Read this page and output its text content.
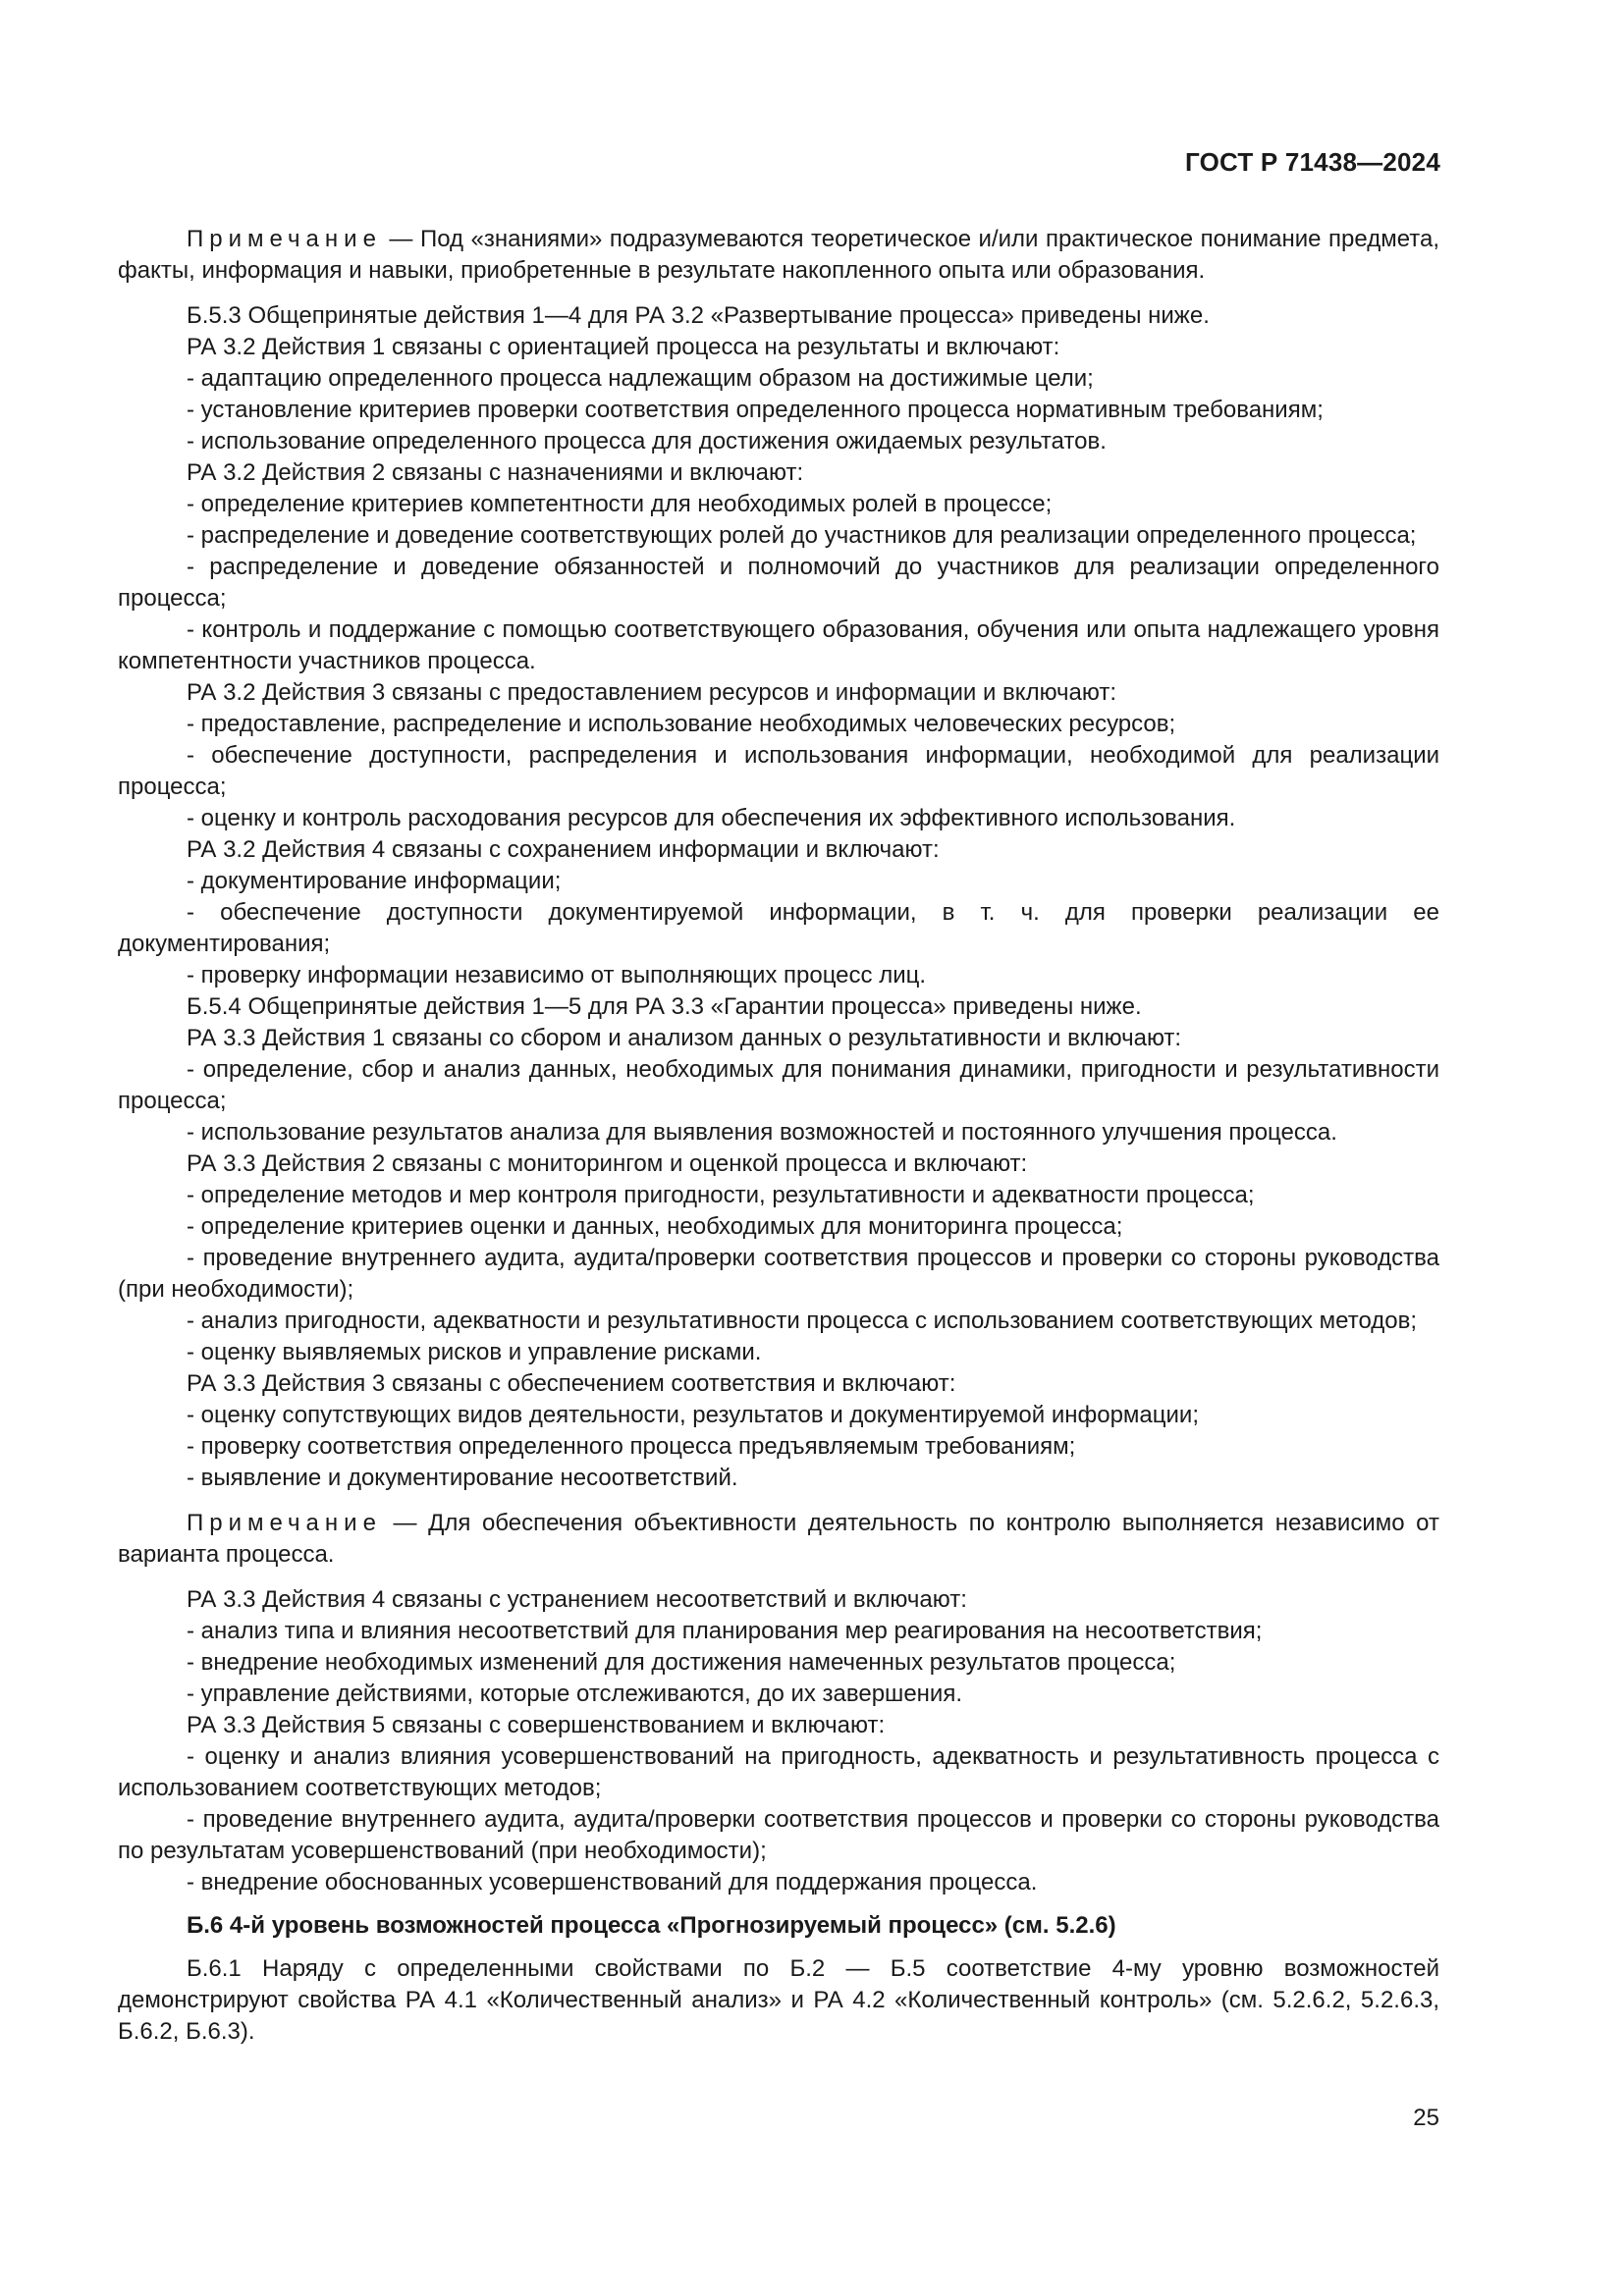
ГОСТ Р 71438—2024

Примечание — Под «знаниями» подразумеваются теоретическое и/или практическое понимание предмета, факты, информация и навыки, приобретенные в результате накопленного опыта или образования.

Б.5.3 Общепринятые действия 1—4 для РА 3.2 «Развертывание процесса» приведены ниже.

РА 3.2 Действия 1 связаны с ориентацией процесса на результаты и включают:

- адаптацию определенного процесса надлежащим образом на достижимые цели;

- установление критериев проверки соответствия определенного процесса нормативным требованиям;

- использование определенного процесса для достижения ожидаемых результатов.

РА 3.2 Действия 2 связаны с назначениями и включают:

- определение критериев компетентности для необходимых ролей в процессе;

- распределение и доведение соответствующих ролей до участников для реализации определенного процесса;

- распределение и доведение обязанностей и полномочий до участников для реализации определенного процесса;

- контроль и поддержание с помощью соответствующего образования, обучения или опыта надлежащего уровня компетентности участников процесса.

РА 3.2 Действия 3 связаны с предоставлением ресурсов и информации и включают:

- предоставление, распределение и использование необходимых человеческих ресурсов;

- обеспечение доступности, распределения и использования информации, необходимой для реализации процесса;

- оценку и контроль расходования ресурсов для обеспечения их эффективного использования.

РА 3.2 Действия 4 связаны с сохранением информации и включают:

- документирование информации;

- обеспечение доступности документируемой информации, в т. ч. для проверки реализации ее документирования;

- проверку информации независимо от выполняющих процесс лиц.

Б.5.4 Общепринятые действия 1—5 для РА 3.3 «Гарантии процесса» приведены ниже.

РА 3.3 Действия 1 связаны со сбором и анализом данных о результативности и включают:

- определение, сбор и анализ данных, необходимых для понимания динамики, пригодности и результативности процесса;

- использование результатов анализа для выявления возможностей и постоянного улучшения процесса.

РА 3.3 Действия 2 связаны с мониторингом и оценкой процесса и включают:

- определение методов и мер контроля пригодности, результативности и адекватности процесса;

- определение критериев оценки и данных, необходимых для мониторинга процесса;

- проведение внутреннего аудита, аудита/проверки соответствия процессов и проверки со стороны руководства (при необходимости);

- анализ пригодности, адекватности и результативности процесса с использованием соответствующих методов;

- оценку выявляемых рисков и управление рисками.

РА 3.3 Действия 3 связаны с обеспечением соответствия и включают:

- оценку сопутствующих видов деятельности, результатов и документируемой информации;

- проверку соответствия определенного процесса предъявляемым требованиям;

- выявление и документирование несоответствий.

Примечание — Для обеспечения объективности деятельность по контролю выполняется независимо от варианта процесса.

РА 3.3 Действия 4 связаны с устранением несоответствий и включают:

- анализ типа и влияния несоответствий для планирования мер реагирования на несоответствия;

- внедрение необходимых изменений для достижения намеченных результатов процесса;

- управление действиями, которые отслеживаются, до их завершения.

РА 3.3 Действия 5 связаны с совершенствованием и включают:

- оценку и анализ влияния усовершенствований на пригодность, адекватность и результативность процесса с использованием соответствующих методов;

- проведение внутреннего аудита, аудита/проверки соответствия процессов и проверки со стороны руководства по результатам усовершенствований (при необходимости);

- внедрение обоснованных усовершенствований для поддержания процесса.

Б.6 4-й уровень возможностей процесса «Прогнозируемый процесс» (см. 5.2.6)

Б.6.1 Наряду с определенными свойствами по Б.2 — Б.5 соответствие 4-му уровню возможностей демонстрируют свойства РА 4.1 «Количественный анализ» и РА 4.2 «Количественный контроль» (см. 5.2.6.2, 5.2.6.3, Б.6.2, Б.6.3).

25
